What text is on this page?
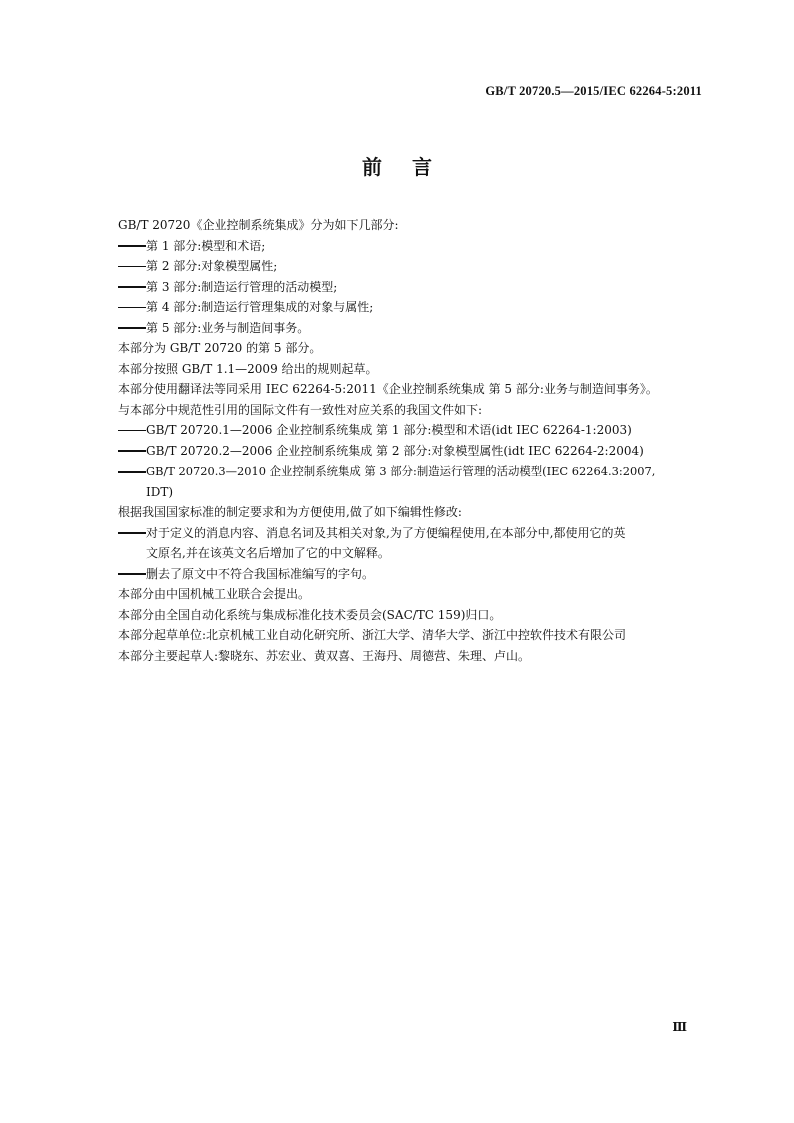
GB/T 20720.5—2015/IEC 62264-5:2011
前言
GB/T 20720《企业控制系统集成》分为如下几部分:
第 1 部分:模型和术语;
第 2 部分:对象模型属性;
第 3 部分:制造运行管理的活动模型;
第 4 部分:制造运行管理集成的对象与属性;
第 5 部分:业务与制造间事务。
本部分为 GB/T 20720 的第 5 部分。
本部分按照 GB/T 1.1—2009 给出的规则起草。
本部分使用翻译法等同采用 IEC 62264-5:2011《企业控制系统集成 第 5 部分:业务与制造间事务》。
与本部分中规范性引用的国际文件有一致性对应关系的我国文件如下:
GB/T 20720.1—2006 企业控制系统集成 第 1 部分:模型和术语(idt IEC 62264-1:2003)
GB/T 20720.2—2006 企业控制系统集成 第 2 部分:对象模型属性(idt IEC 62264-2:2004)
GB/T 20720.3—2010 企业控制系统集成 第 3 部分:制造运行管理的活动模型(IEC 62264.3:2007,
IDT)
根据我国国家标准的制定要求和为方便使用,做了如下编辑性修改:
对于定义的消息内容、消息名词及其相关对象,为了方便编程使用,在本部分中,都使用它的英
文原名,并在该英文名后增加了它的中文解释。
删去了原文中不符合我国标准编写的字句。
本部分由中国机械工业联合会提出。
本部分由全国自动化系统与集成标准化技术委员会(SAC/TC 159)归口。
本部分起草单位:北京机械工业自动化研究所、浙江大学、清华大学、浙江中控软件技术有限公司
本部分主要起草人:黎晓东、苏宏业、黄双喜、王海丹、周德营、朱理、卢山。
Ⅲ
